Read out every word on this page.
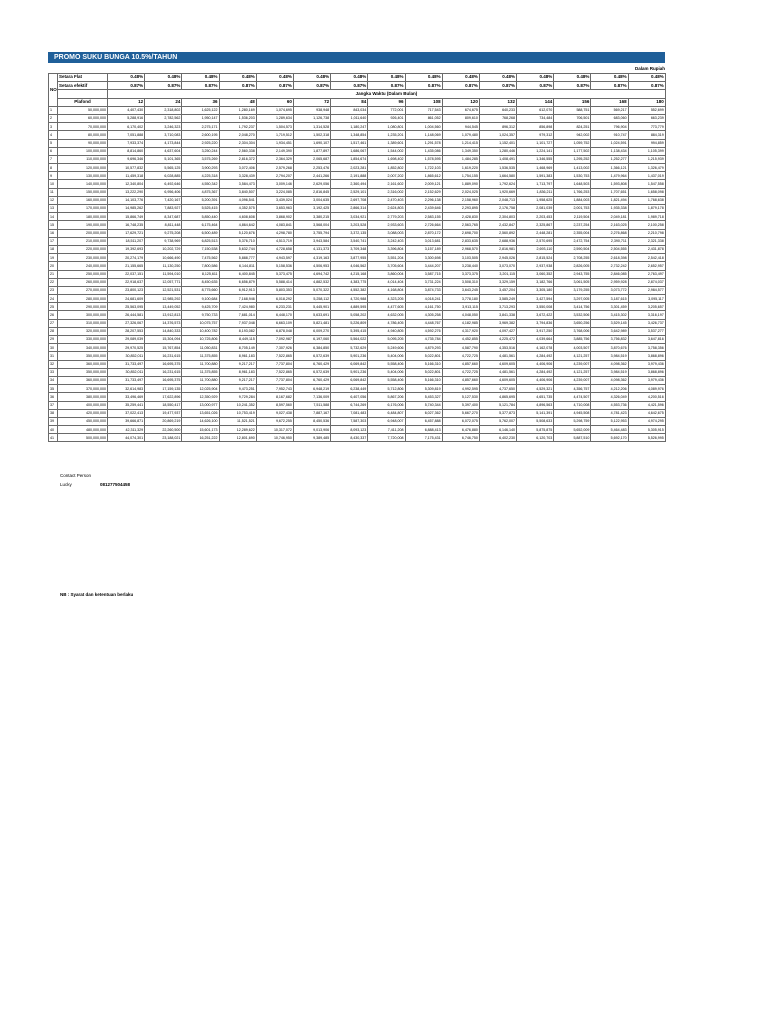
PROMO SUKU BUNGA 10.5%/TAHUN
Dalam Rupiah
NO	Setara Flat	0.48%	0.48%	0.48%	0.48%	0.48%	0.48%	0.48%	0.48%	0.48%	0.48%	0.48%	0.48%	0.48%	0.48%	0.48%
	Setara efektif	0.87%	0.87%	0.87%	0.87%	0.87%	0.87%	0.87%	0.87%	0.87%	0.87%	0.87%	0.87%	0.87%	0.87%	0.87%
		Jangka Waktu (Dalam Bulan)														
	Plafond	12	24	36	48	60	72	84	96	108	120	132	144	156	168	180
1	50,000,000	4,407,430	2,318,802	1,625,122	1,280,169	1,074,695	938,948	843,034	772,001	717,543	674,675	640,233	612,070	588,751	569,217	552,699
2	60,000,000	5,288,916	2,782,562	1,950,147	1,536,203	1,289,634	1,126,738	1,011,640	926,401	861,052	809,610	768,268	734,484	706,501	683,060	663,239
3	70,000,000	6,170,402	3,246,323	2,275,171	1,792,237	1,504,573	1,314,528	1,180,247	1,080,801	1,004,560	944,545	896,312	856,898	824,251	796,904	773,779
4	80,000,000	7,051,888	3,710,083	2,600,195	2,048,270	1,719,512	1,502,318	1,348,854	1,235,201	1,148,069	1,079,480	1,024,357	979,312	942,002	910,747	884,319
5	90,000,000	7,933,374	4,173,844	2,925,220	2,304,304	1,934,451	1,690,107	1,517,461	1,389,601	1,291,578	1,214,415	1,152,401	1,101,727	1,059,752	1,024,591	994,859
6	100,000,000	8,814,860	4,637,604	3,250,244	2,560,338	2,149,390	1,877,897	1,686,067	1,544,002	1,435,086	1,349,350	1,280,446	1,224,141	1,177,502	1,138,434	1,105,399
7	110,000,000	9,696,346	5,101,365	3,575,269	2,816,372	2,364,329	2,065,687	1,854,674	1,698,402	1,578,595	1,484,285	1,408,491	1,346,555	1,295,252	1,252,277	1,215,939
8	120,000,000	10,577,832	5,565,125	3,900,293	3,072,406	2,579,268	2,253,476	2,023,281	1,852,802	1,722,103	1,619,220	1,536,535	1,468,969	1,413,002	1,366,121	1,326,479
9	130,000,000	11,459,318	6,028,885	4,225,318	3,328,439	2,794,207	2,441,266	2,191,888	2,007,202	1,865,612	1,754,155	1,664,580	1,591,383	1,530,753	1,479,964	1,437,019
10	140,000,000	12,340,804	6,492,646	4,550,342	3,584,473	3,009,146	2,629,056	2,360,494	2,161,602	2,009,121	1,889,090	1,792,624	1,713,797	1,648,503	1,593,808	1,547,558
11	150,000,000	13,222,290	6,956,406	4,875,367	3,840,507	3,224,085	2,816,845	2,529,101	2,316,002	2,152,629	2,024,025	1,920,669	1,836,211	1,766,253	1,707,651	1,658,098
12	160,000,000	14,103,776	7,420,167	5,200,391	4,096,541	3,439,024	3,004,635	2,697,708	2,470,403	2,296,138	2,158,960	2,048,713	1,958,625	1,884,003	1,821,494	1,768,638
13	170,000,000	14,985,262	7,883,927	5,525,415	4,352,575	3,653,963	3,192,425	2,866,314	2,624,803	2,439,646	2,293,895	2,176,758	2,081,039	2,001,753	1,935,338	1,879,178
14	180,000,000	15,866,749	8,347,687	5,850,440	4,608,608	3,868,902	3,380,215	3,034,921	2,779,203	2,583,155	2,428,830	2,304,803	2,203,453	2,119,504	2,049,181	1,989,718
15	190,000,000	16,748,235	8,811,448	6,175,464	4,864,642	4,083,841	3,568,004	3,203,528	2,933,603	2,726,664	2,563,765	2,432,847	2,325,867	2,237,254	2,163,025	2,100,258
16	200,000,000	17,629,721	9,275,208	6,500,489	5,120,676	4,298,780	3,755,794	3,372,135	3,088,003	2,870,172	2,698,700	2,560,892	2,448,281	2,355,004	2,276,868	2,210,798
17	210,000,000	18,511,207	9,738,969	6,825,513	5,376,710	4,513,719	3,943,584	3,540,741	3,242,403	3,013,681	2,833,635	2,688,936	2,570,695	2,472,754	2,390,711	2,321,338
18	220,000,000	19,392,693	10,202,729	7,150,538	5,632,744	4,728,658	4,131,373	3,709,348	3,396,804	3,157,189	2,968,570	2,816,981	2,693,110	2,590,504	2,504,555	2,431,878
19	230,000,000	20,274,179	10,666,490	7,475,562	5,888,777	4,943,597	4,319,163	3,877,955	3,551,204	3,300,698	3,103,505	2,945,026	2,815,524	2,708,255	2,618,398	2,542,418
20	240,000,000	21,155,665	11,130,250	7,800,586	6,144,811	5,158,536	4,506,953	4,046,562	3,705,604	3,444,207	3,238,440	3,073,070	2,937,938	2,826,005	2,732,242	2,652,957
21	250,000,000	22,037,151	11,594,010	8,125,611	6,400,845	5,373,475	4,694,742	4,215,168	3,860,004	3,587,715	3,373,375	3,201,115	3,060,352	2,943,755	2,846,085	2,763,497
22	260,000,000	22,918,637	12,057,771	8,450,635	6,656,879	5,588,414	4,882,532	4,383,775	4,014,404	3,731,224	3,508,310	3,329,159	3,182,766	3,061,505	2,959,928	2,874,037
23	270,000,000	23,800,123	12,521,531	8,775,660	6,912,913	5,803,353	5,070,322	4,552,382	4,168,804	3,874,733	3,643,245	3,457,204	3,305,180	3,179,255	3,073,772	2,984,577
24	280,000,000	24,681,609	12,985,292	9,100,684	7,168,946	6,018,292	5,258,112	4,720,988	4,323,205	4,018,241	3,778,180	3,585,249	3,427,594	3,297,005	3,187,615	3,095,117
25	290,000,000	25,563,095	13,449,052	9,425,709	7,424,980	6,233,231	5,445,901	4,889,595	4,477,605	4,161,750	3,913,115	3,713,293	3,550,008	3,414,756	3,301,459	3,205,657
26	300,000,000	26,444,581	13,912,813	9,750,733	7,681,014	6,448,170	5,633,691	5,058,202	4,632,005	4,305,258	4,048,050	3,841,338	3,672,422	3,532,506	3,415,302	3,316,197
27	310,000,000	27,326,067	14,376,573	10,075,757	7,937,048	6,663,109	5,821,481	5,226,809	4,786,405	4,448,767	4,182,985	3,969,382	3,794,836	3,650,256	3,529,145	3,426,737
28	320,000,000	28,207,553	14,840,333	10,400,782	8,193,082	6,878,048	6,009,270	5,395,415	4,940,805	4,592,276	4,317,920	4,097,427	3,917,250	3,768,006	3,642,989	3,537,277
29	330,000,000	29,089,039	15,304,094	10,725,806	8,449,115	7,092,987	6,197,060	5,564,022	5,095,205	4,735,784	4,452,855	4,225,472	4,039,664	3,885,756	3,756,832	3,647,816
30	340,000,000	29,970,525	15,767,854	11,050,831	8,705,149	7,307,926	6,384,850	5,732,629	5,249,606	4,879,293	4,587,790	4,353,516	4,162,078	4,003,507	3,870,676	3,758,356
31	350,000,000	30,852,011	16,231,615	11,375,855	8,961,183	7,522,865	6,572,639	5,901,236	5,404,006	5,022,801	4,722,725	4,481,561	4,284,492	4,121,257	3,984,519	3,868,896
32	360,000,000	31,733,497	16,695,375	11,700,880	9,217,217	7,737,804	6,760,429	6,069,842	5,558,406	5,166,310	4,857,660	4,609,605	4,406,906	4,239,007	4,098,362	3,979,436
33	350,000,000	30,852,011	16,231,615	11,375,855	8,961,183	7,522,865	6,572,639	5,901,236	5,404,006	5,022,801	4,722,725	4,481,561	4,284,492	4,121,257	3,984,519	3,868,896
34	360,000,000	31,733,497	16,695,375	11,700,880	9,217,217	7,737,804	6,760,429	6,069,842	5,558,406	5,166,310	4,857,660	4,609,605	4,406,906	4,239,007	4,098,362	3,979,436
35	370,000,000	32,614,983	17,159,135	12,025,904	9,473,251	7,952,743	6,948,219	6,238,449	5,712,806	5,309,819	4,992,595	4,737,650	4,529,321	4,356,757	4,212,206	4,089,976
36	380,000,000	33,496,469	17,622,896	12,350,929	9,729,284	8,167,682	7,136,009	6,407,056	5,867,206	5,453,327	5,127,530	4,865,695	4,651,735	4,474,507	4,326,049	4,200,516
37	400,000,000	35,259,441	18,550,417	13,000,977	10,241,352	8,597,560	7,511,588	6,744,269	6,176,006	5,740,344	5,397,400	5,121,784	4,896,563	4,710,008	4,553,736	4,421,596
38	420,000,000	37,022,413	19,477,937	13,651,026	10,753,419	9,027,438	7,887,167	7,081,483	6,484,807	6,027,362	5,667,270	5,377,873	5,141,391	4,945,508	4,781,423	4,642,675
39	450,000,000	39,666,871	20,869,219	14,626,100	11,521,521	9,672,255	8,450,536	7,587,303	6,948,007	6,457,888	6,072,075	5,762,007	5,508,633	5,298,759	5,122,953	4,974,295
40	480,000,000	42,311,329	22,260,500	15,601,173	12,289,622	10,317,072	9,013,906	8,093,123	7,411,208	6,888,413	6,476,880	6,146,140	5,875,875	5,652,009	5,464,483	5,305,915
41	500,000,000	44,074,301	23,188,021	16,251,222	12,801,690	10,746,950	9,389,485	8,430,337	7,720,008	7,175,431	6,746,750	6,402,230	6,120,703	5,887,510	5,692,170	5,526,995
Contact Person
Lucky	081277504458
NB : Syarat dan ketentuan berlaku
